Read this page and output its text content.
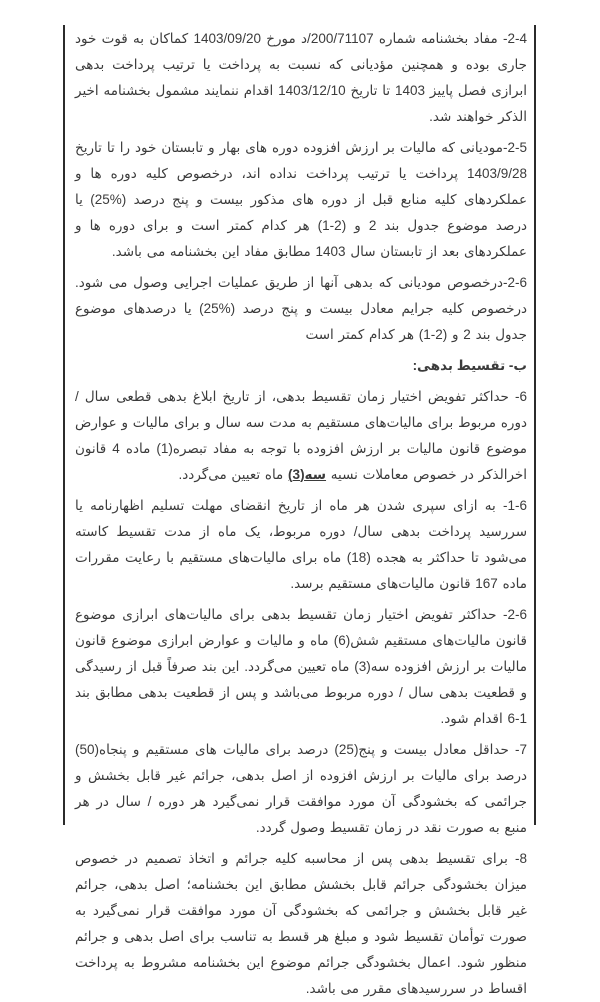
2-4- مفاد بخشنامه شماره 200/71107/د مورخ 1403/09/20 کماکان به قوت خود جاری بوده و همچنین مؤدیانی که نسبت به پرداخت یا ترتیب پرداخت بدهی ابرازی فصل پاییز 1403 تا تاریخ 1403/12/10 اقدام ننمایند مشمول بخشنامه اخیر الذکر خواهند شد.

2-5-مودیانی که مالیات بر ارزش افزوده دوره های بهار و تابستان خود را تا تاریخ 1403/9/28 پرداخت یا ترتیب پرداخت نداده اند، درخصوص کلیه دوره ها و عملکردهای کلیه منابع قبل از دوره های مذکور بیست و پنج درصد (%25) یا درصد موضوع جدول بند 2 و (2-1) هر کدام کمتر است و برای دوره ها و عملکردهای بعد از تابستان سال 1403 مطابق مفاد این بخشنامه می باشد.

2-6-درخصوص مودیانی که بدهی آنها از طریق عملیات اجرایی وصول می شود. درخصوص کلیه جرایم معادل بیست و پنج درصد (%25) یا درصدهای موضوع جدول بند 2 و (2-1) هر کدام کمتر است

ب- تقسیط بدهی:

6- حداکثر تفویض اختیار زمان تقسیط بدهی، از تاریخ ابلاغ بدهی قطعی سال / دوره مربوط برای مالیات‌های مستقیم به مدت سه سال و برای مالیات و عوارض موضوع قانون مالیات بر ارزش افزوده با توجه به مفاد تبصره(1) ماده 4 قانون اخرالذکر در خصوص معاملات نسیه سه(3) ماه تعیین می‌گردد.

1-6- به ازای سپری شدن هر ماه از تاریخ انقضای مهلت تسلیم اظهارنامه یا سررسید پرداخت بدهی سال/ دوره مربوط، یک ماه از مدت تقسیط کاسته می‌شود تا حداکثر به هجده (18) ماه برای مالیات‌های مستقیم با رعایت مقررات ماده 167 قانون مالیات‌های مستقیم برسد.

2-6- حداکثر تفویض اختیار زمان تقسیط بدهی برای مالیات‌های ابرازی موضوع قانون مالیات‌های مستقیم شش(6) ماه و مالیات و عوارض ابرازی موضوع قانون مالیات بر ارزش افزوده سه(3) ماه تعیین می‌گردد. این بند صرفاً قبل از رسیدگی و قطعیت بدهی سال / دوره مربوط می‌باشد و پس از قطعیت بدهی مطابق بند 1-6 اقدام شود.

7- حداقل معادل بیست و پنج(25) درصد برای مالیات های مستقیم و پنجاه(50) درصد برای مالیات بر ارزش افزوده از اصل بدهی، جرائم غیر قابل بخشش و جرائمی که بخشودگی آن مورد موافقت قرار نمی‌گیرد هر دوره / سال در هر منبع به صورت نقد در زمان تقسیط وصول گردد.

8- برای تقسیط بدهی پس از محاسبه کلیه جرائم و اتخاذ تصمیم در خصوص میزان بخشودگی جرائم قابل بخشش مطابق این بخشنامه؛ اصل بدهی، جرائم غیر قابل بخشش و جرائمی که بخشودگی آن مورد موافقت قرار نمی‌گیرد به صورت توأمان تقسیط شود و مبلغ هر قسط به تناسب برای اصل بدهی و جرائم منظور شود. اعمال بخشودگی جرائم موضوع این بخشنامه مشروط به پرداخت اقساط در سررسیدهای مقرر می باشد.
